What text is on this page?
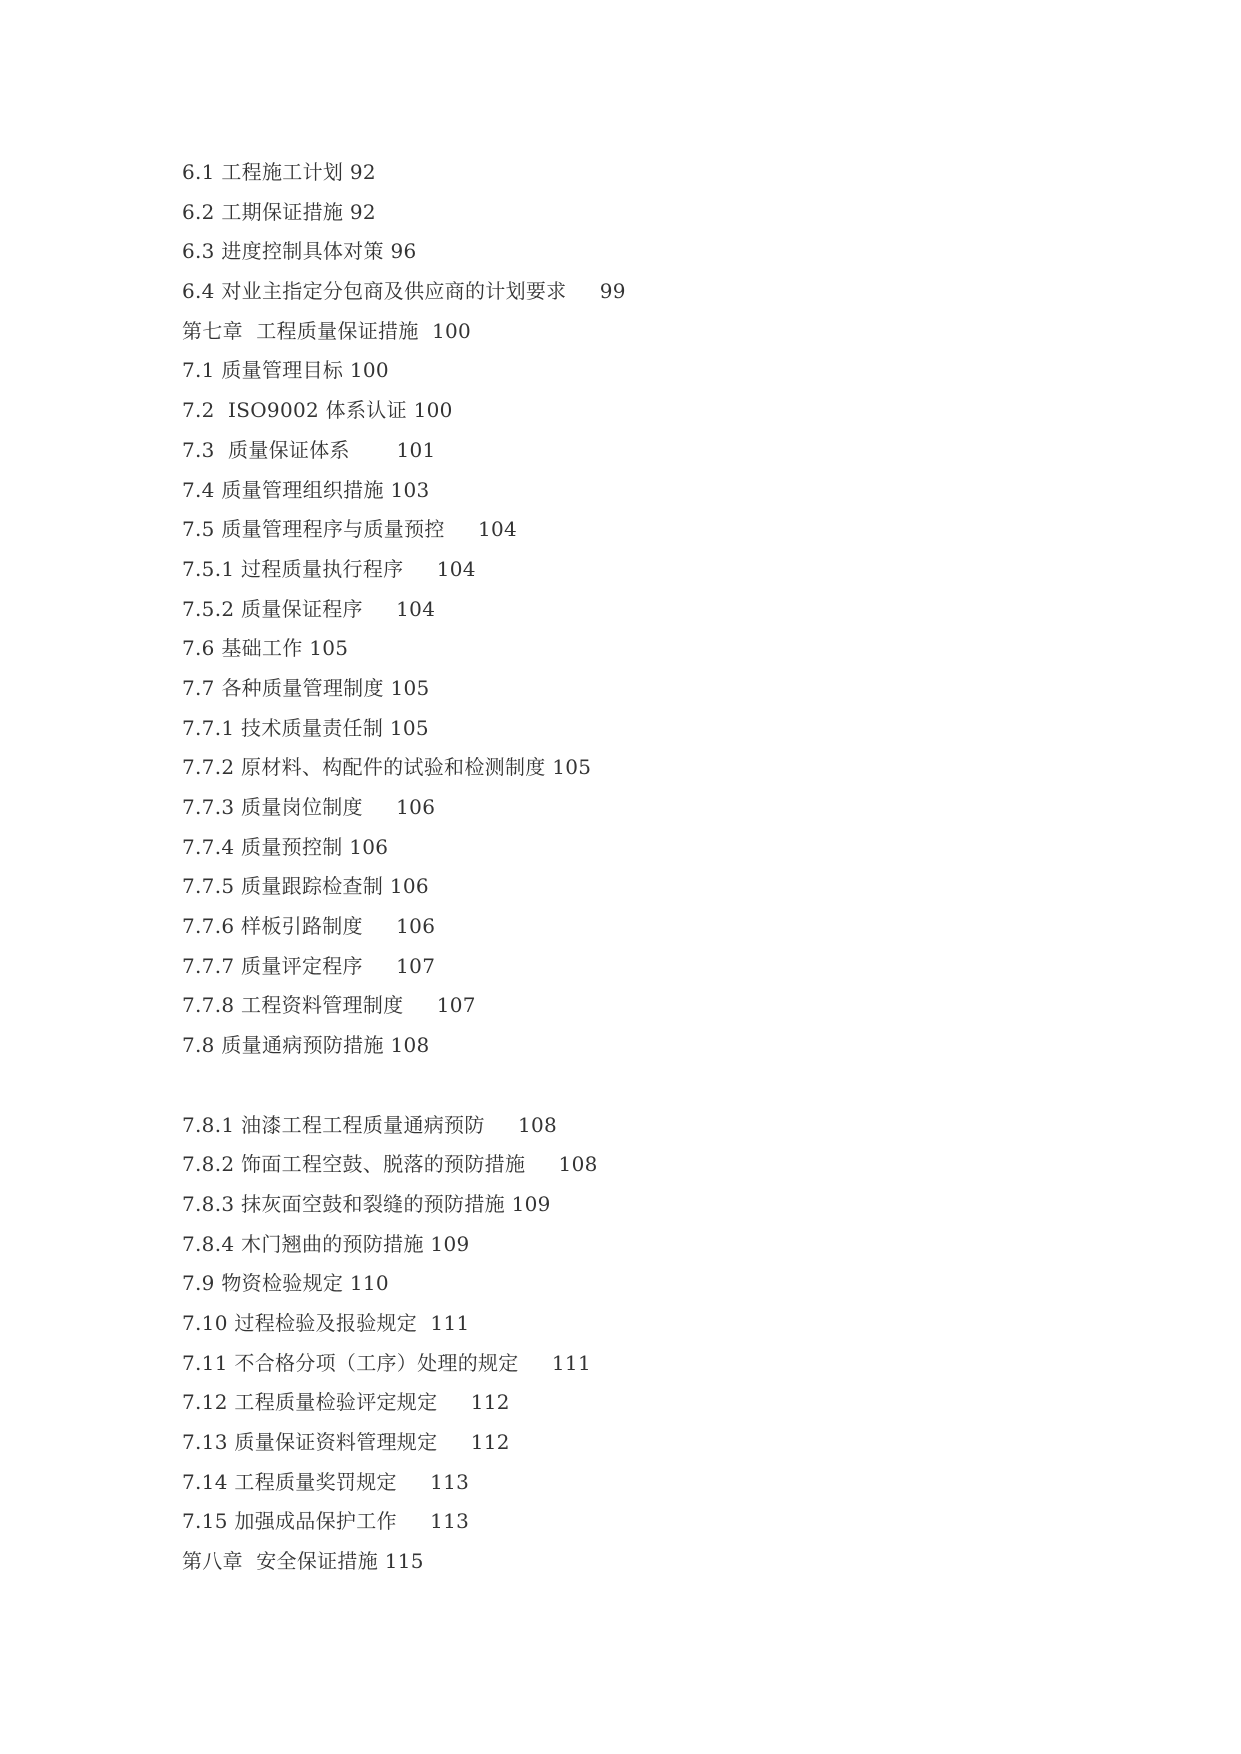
6.1 工程施工计划 92
6.2 工期保证措施 92
6.3 进度控制具体对策 96
6.4 对业主指定分包商及供应商的计划要求 99
第七章  工程质量保证措施 100
7.1 质量管理目标 100
7.2  ISO9002 体系认证 100
7.3  质量保证体系 101
7.4 质量管理组织措施 103
7.5 质量管理程序与质量预控 104
7.5.1 过程质量执行程序 104
7.5.2 质量保证程序 104
7.6 基础工作 105
7.7 各种质量管理制度 105
7.7.1 技术质量责任制 105
7.7.2 原材料、构配件的试验和检测制度 105
7.7.3 质量岗位制度 106
7.7.4 质量预控制 106
7.7.5 质量跟踪检查制 106
7.7.6 样板引路制度 106
7.7.7 质量评定程序 107
7.7.8 工程资料管理制度 107
7.8 质量通病预防措施 108
7.8.1 油漆工程工程质量通病预防 108
7.8.2 饰面工程空鼓、脱落的预防措施 108
7.8.3 抹灰面空鼓和裂缝的预防措施 109
7.8.4 木门翘曲的预防措施 109
7.9 物资检验规定 110
7.10 过程检验及报验规定 111
7.11 不合格分项（工序）处理的规定 111
7.12 工程质量检验评定规定 112
7.13 质量保证资料管理规定 112
7.14 工程质量奖罚规定 113
7.15 加强成品保护工作 113
第八章  安全保证措施 115
